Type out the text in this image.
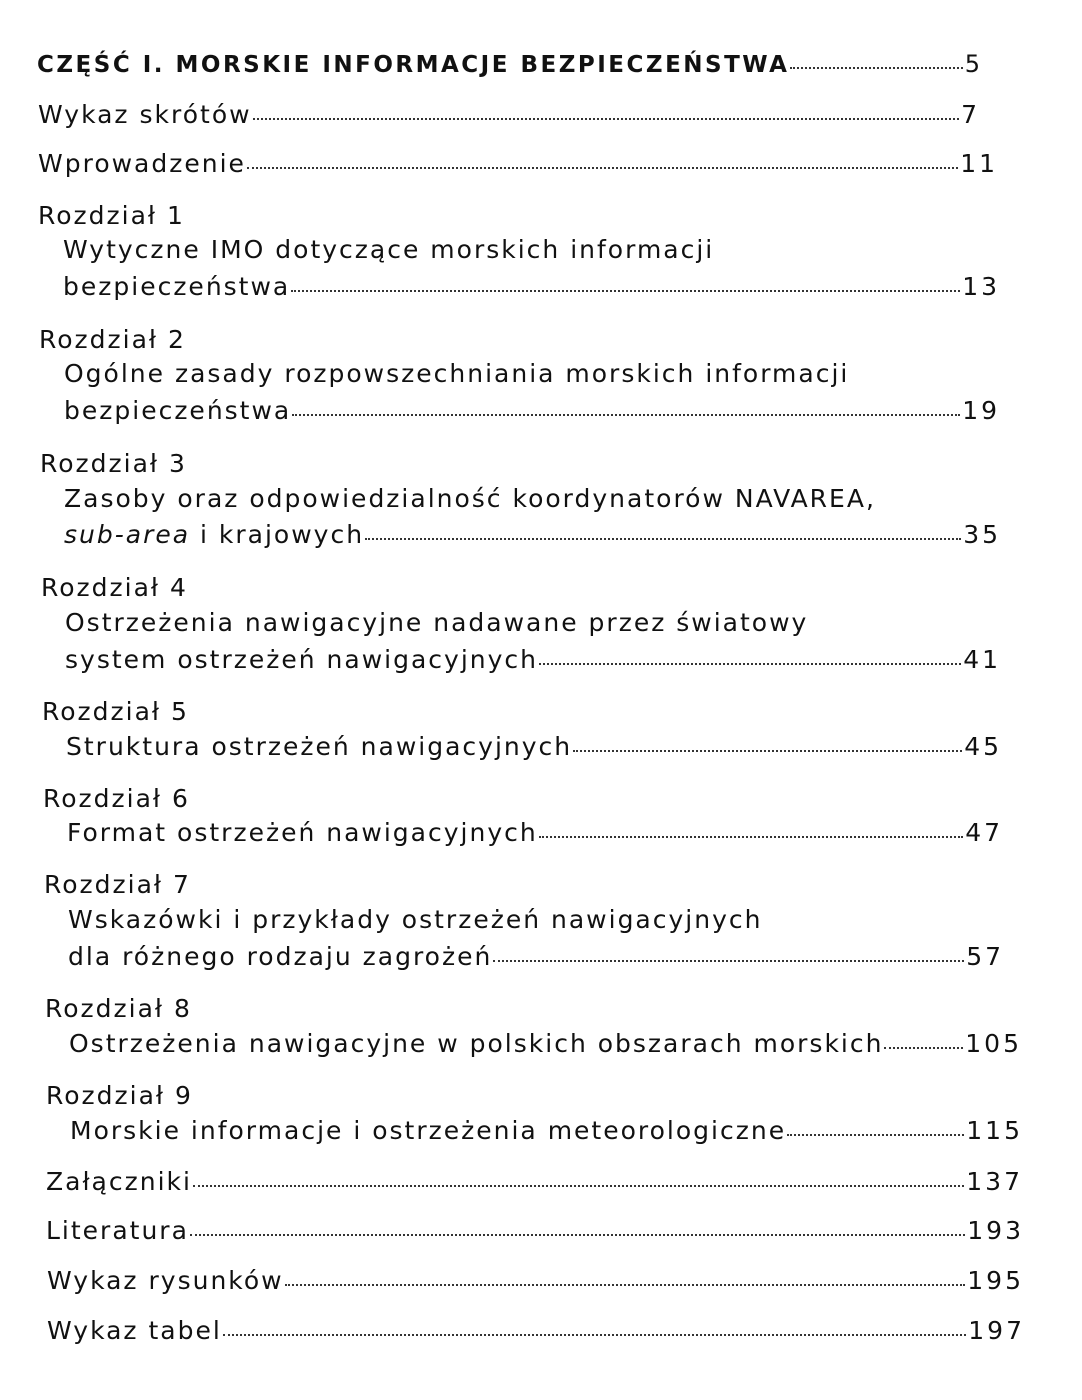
CZĘŚĆ I. MORSKIE INFORMACJE BEZPIECZEŃSTWA	5
Wykaz skrótów	7
Wprowadzenie	11
Rozdział 1
Wytyczne IMO dotyczące morskich informacji
bezpieczeństwa	13
Rozdział 2
Ogólne zasady rozpowszechniania morskich informacji
bezpieczeństwa	19
Rozdział 3
Zasoby oraz odpowiedzialność koordynatorów NAVAREA,
sub-area i krajowych	35
Rozdział 4
Ostrzeżenia nawigacyjne nadawane przez światowy
system ostrzeżeń nawigacyjnych	41
Rozdział 5
Struktura ostrzeżeń nawigacyjnych	45
Rozdział 6
Format ostrzeżeń nawigacyjnych	47
Rozdział 7
Wskazówki i przykłady ostrzeżeń nawigacyjnych
dla różnego rodzaju zagrożeń	57
Rozdział 8
Ostrzeżenia nawigacyjne w polskich obszarach morskich	105
Rozdział 9
Morskie informacje i ostrzeżenia meteorologiczne	115
Załączniki	137
Literatura	193
Wykaz rysunków	195
Wykaz tabel	197
